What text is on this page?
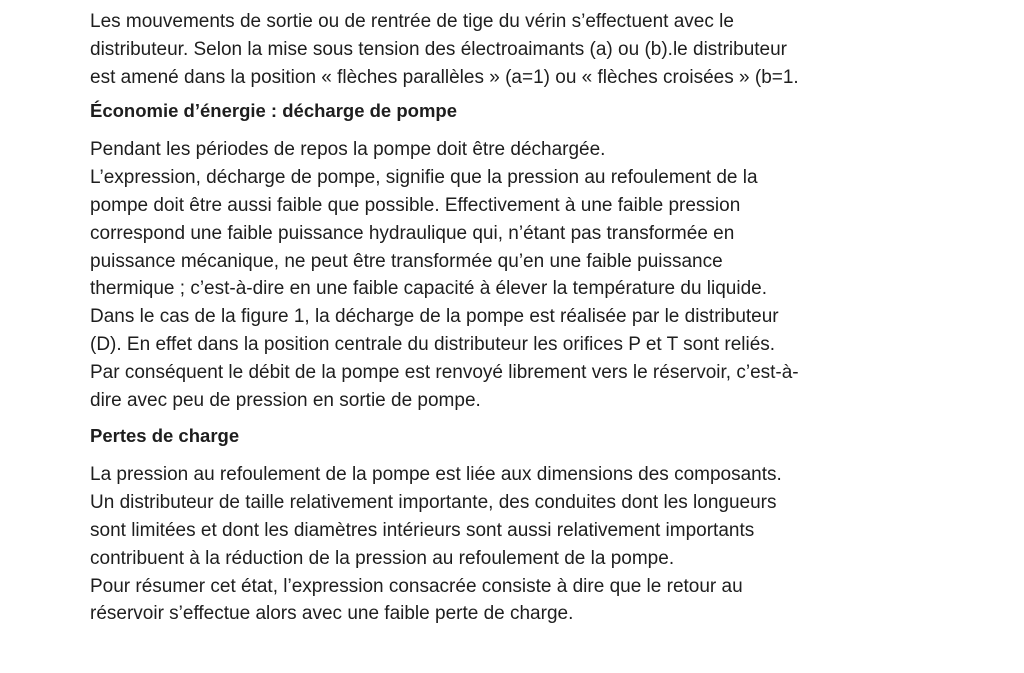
Les mouvements de sortie ou de rentrée de tige du vérin s’effectuent avec le
distributeur. Selon la mise sous tension des électroaimants (a) ou (b).le distributeur
est amené dans la position « flèches parallèles » (a=1) ou « flèches croisées » (b=1.

Économie d’énergie : décharge de pompe

Pendant les périodes de repos la pompe doit être déchargée.
L’expression, décharge de pompe, signifie que la pression au refoulement de la
pompe doit être aussi faible que possible. Effectivement à une faible pression
correspond une faible puissance hydraulique qui, n’étant pas transformée en
puissance mécanique, ne peut être transformée qu’en une faible puissance
thermique ; c’est-à-dire en une faible capacité à élever la température du liquide.
Dans le cas de la figure 1, la décharge de la pompe est réalisée par le distributeur
(D). En effet dans la position centrale du distributeur les orifices P et T sont reliés.
Par conséquent le débit de la pompe est renvoyé librement vers le réservoir, c’est-à-
dire avec peu de pression en sortie de pompe.

Pertes de charge

La pression au refoulement de la pompe est liée aux dimensions des composants.
Un distributeur de taille relativement importante, des conduites dont les longueurs
sont limitées et dont les diamètres intérieurs sont aussi relativement importants
contribuent à la réduction de la pression au refoulement de la pompe.
Pour résumer cet état, l’expression consacrée consiste à dire que le retour au
réservoir s’effectue alors avec une faible perte de charge.
